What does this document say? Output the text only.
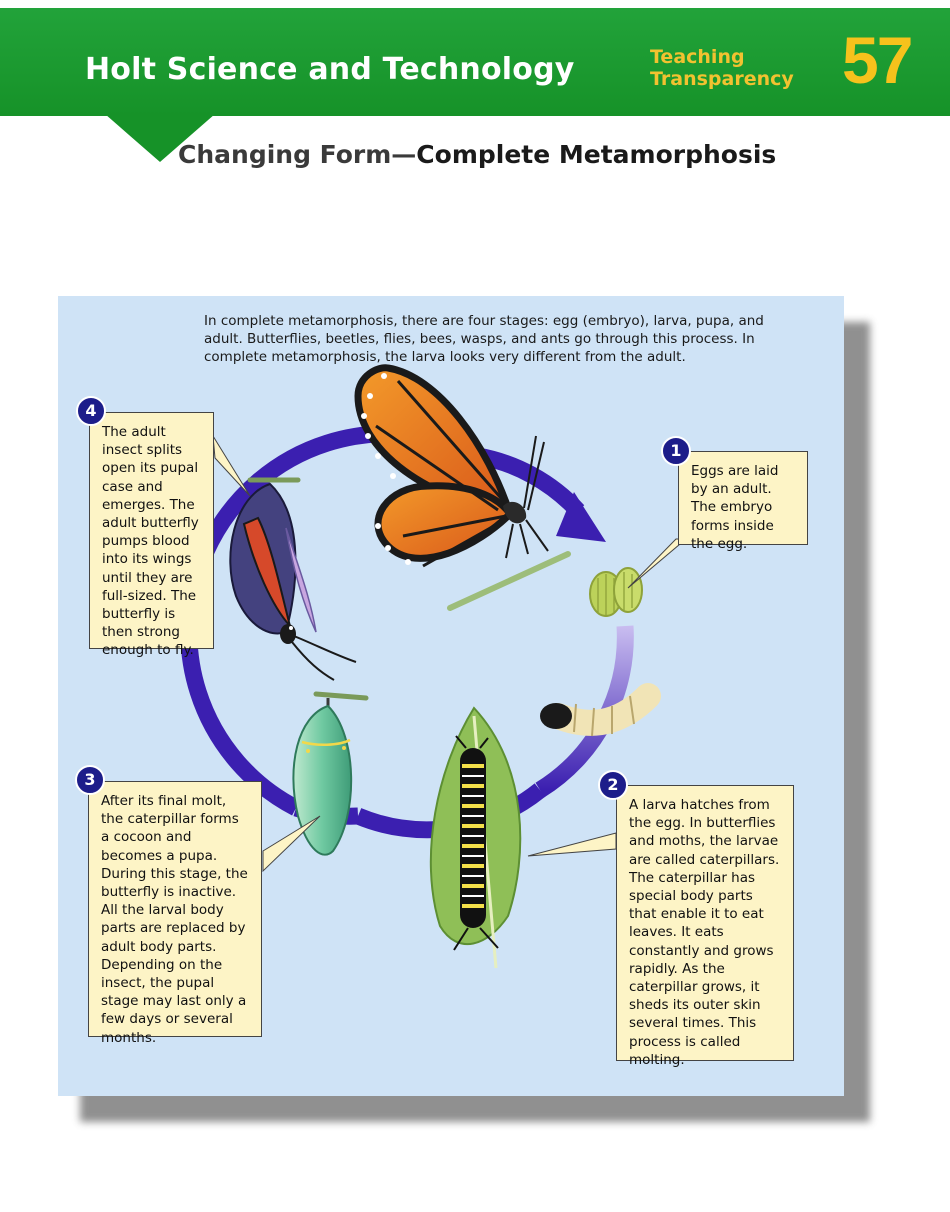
Holt Science and Technology	Teaching
Transparency 57
Changing Form—Complete Metamorphosis
In complete metamorphosis, there are four stages: egg (embryo), larva, pupa, and adult. Butterflies, beetles, flies, bees, wasps, and ants go through this process. In complete metamorphosis, the larva looks very different from the adult.
Eggs are laid by an adult. The embryo forms inside the egg.
1
A larva hatches from the egg. In butterflies and moths, the larvae are called caterpillars. The caterpillar has special body parts that enable it to eat leaves. It eats constantly and grows rapidly. As the caterpillar grows, it sheds its outer skin several times. This process is called molting.
2
After its final molt, the caterpillar forms a cocoon and becomes a pupa. During this stage, the butterfly is inactive. All the larval body parts are replaced by adult body parts. Depending on the insect, the pupal stage may last only a few days or several months.
3
The adult insect splits open its pupal case and emerges. The adult butterfly pumps blood into its wings until they are full-sized. The butterfly is then strong enough to fly.
4
